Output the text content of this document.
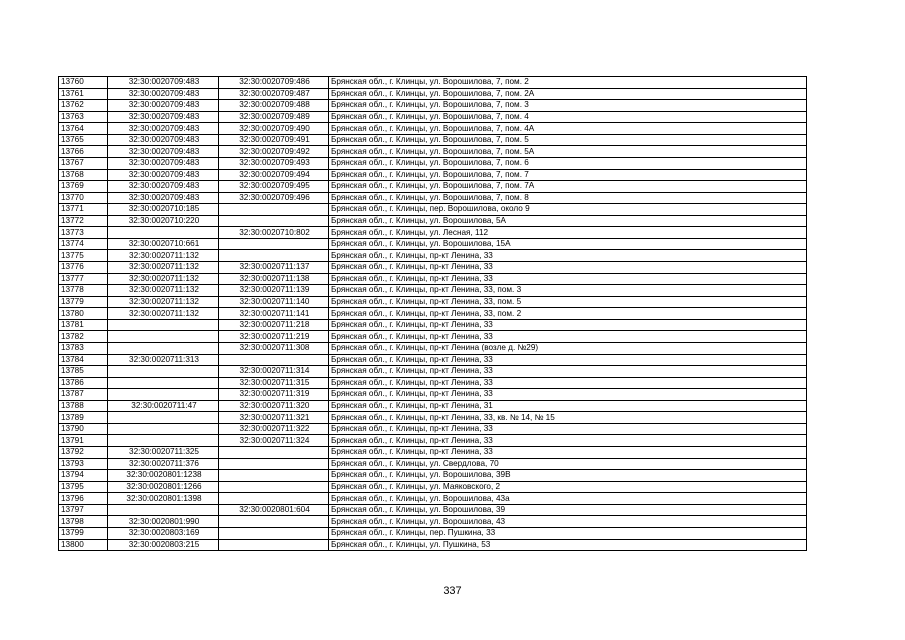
13760	32:30:0020709:483	32:30:0020709:486	Брянская обл., г. Клинцы, ул. Ворошилова, 7, пом. 2
13761	32:30:0020709:483	32:30:0020709:487	Брянская обл., г. Клинцы, ул. Ворошилова, 7, пом. 2А
13762	32:30:0020709:483	32:30:0020709:488	Брянская обл., г. Клинцы, ул. Ворошилова, 7, пом. 3
13763	32:30:0020709:483	32:30:0020709:489	Брянская обл., г. Клинцы, ул. Ворошилова, 7, пом. 4
13764	32:30:0020709:483	32:30:0020709:490	Брянская обл., г. Клинцы, ул. Ворошилова, 7, пом. 4А
13765	32:30:0020709:483	32:30:0020709:491	Брянская обл., г. Клинцы, ул. Ворошилова, 7, пом. 5
13766	32:30:0020709:483	32:30:0020709:492	Брянская обл., г. Клинцы, ул. Ворошилова, 7, пом. 5А
13767	32:30:0020709:483	32:30:0020709:493	Брянская обл., г. Клинцы, ул. Ворошилова, 7, пом. 6
13768	32:30:0020709:483	32:30:0020709:494	Брянская обл., г. Клинцы, ул. Ворошилова, 7, пом. 7
13769	32:30:0020709:483	32:30:0020709:495	Брянская обл., г. Клинцы, ул. Ворошилова, 7, пом. 7А
13770	32:30:0020709:483	32:30:0020709:496	Брянская обл., г. Клинцы, ул. Ворошилова, 7, пом. 8
13771	32:30:0020710:185		Брянская обл., г. Клинцы, пер. Ворошилова, около 9
13772	32:30:0020710:220		Брянская обл., г. Клинцы, ул. Ворошилова, 5А
13773		32:30:0020710:802	Брянская обл., г. Клинцы, ул. Лесная, 112
13774	32:30:0020710:661		Брянская обл., г. Клинцы, ул. Ворошилова, 15А
13775	32:30:0020711:132		Брянская обл., г. Клинцы, пр-кт Ленина, 33
13776	32:30:0020711:132	32:30:0020711:137	Брянская обл., г. Клинцы, пр-кт Ленина, 33
13777	32:30:0020711:132	32:30:0020711:138	Брянская обл., г. Клинцы, пр-кт Ленина, 33
13778	32:30:0020711:132	32:30:0020711:139	Брянская обл., г. Клинцы, пр-кт Ленина, 33, пом. 3
13779	32:30:0020711:132	32:30:0020711:140	Брянская обл., г. Клинцы, пр-кт Ленина, 33, пом. 5
13780	32:30:0020711:132	32:30:0020711:141	Брянская обл., г. Клинцы, пр-кт Ленина, 33, пом. 2
13781		32:30:0020711:218	Брянская обл., г. Клинцы, пр-кт Ленина, 33
13782		32:30:0020711:219	Брянская обл., г. Клинцы, пр-кт Ленина, 33
13783		32:30:0020711:308	Брянская обл., г. Клинцы, пр-кт Ленина (возле д. №29)
13784	32:30:0020711:313		Брянская обл., г. Клинцы, пр-кт Ленина, 33
13785		32:30:0020711:314	Брянская обл., г. Клинцы, пр-кт Ленина, 33
13786		32:30:0020711:315	Брянская обл., г. Клинцы, пр-кт Ленина, 33
13787		32:30:0020711:319	Брянская обл., г. Клинцы, пр-кт Ленина, 33
13788	32:30:0020711:47	32:30:0020711:320	Брянская обл., г. Клинцы, пр-кт Ленина, 31
13789		32:30:0020711:321	Брянская обл., г. Клинцы, пр-кт Ленина, 33, кв. № 14, № 15
13790		32:30:0020711:322	Брянская обл., г. Клинцы, пр-кт Ленина, 33
13791		32:30:0020711:324	Брянская обл., г. Клинцы, пр-кт Ленина, 33
13792	32:30:0020711:325		Брянская обл., г. Клинцы, пр-кт Ленина, 33
13793	32:30:0020711:376		Брянская обл., г. Клинцы, ул. Свердлова, 70
13794	32:30:0020801:1238		Брянская обл., г. Клинцы, ул. Ворошилова, 39В
13795	32:30:0020801:1266		Брянская обл., г. Клинцы, ул. Маяковского, 2
13796	32:30:0020801:1398		Брянская обл., г. Клинцы, ул. Ворошилова, 43а
13797		32:30:0020801:604	Брянская обл., г. Клинцы, ул. Ворошилова, 39
13798	32:30:0020801:990		Брянская обл., г. Клинцы, ул. Ворошилова, 43
13799	32:30:0020803:169		Брянская обл., г. Клинцы, пер. Пушкина, 33
13800	32:30:0020803:215		Брянская обл., г. Клинцы, ул. Пушкина, 53
337
